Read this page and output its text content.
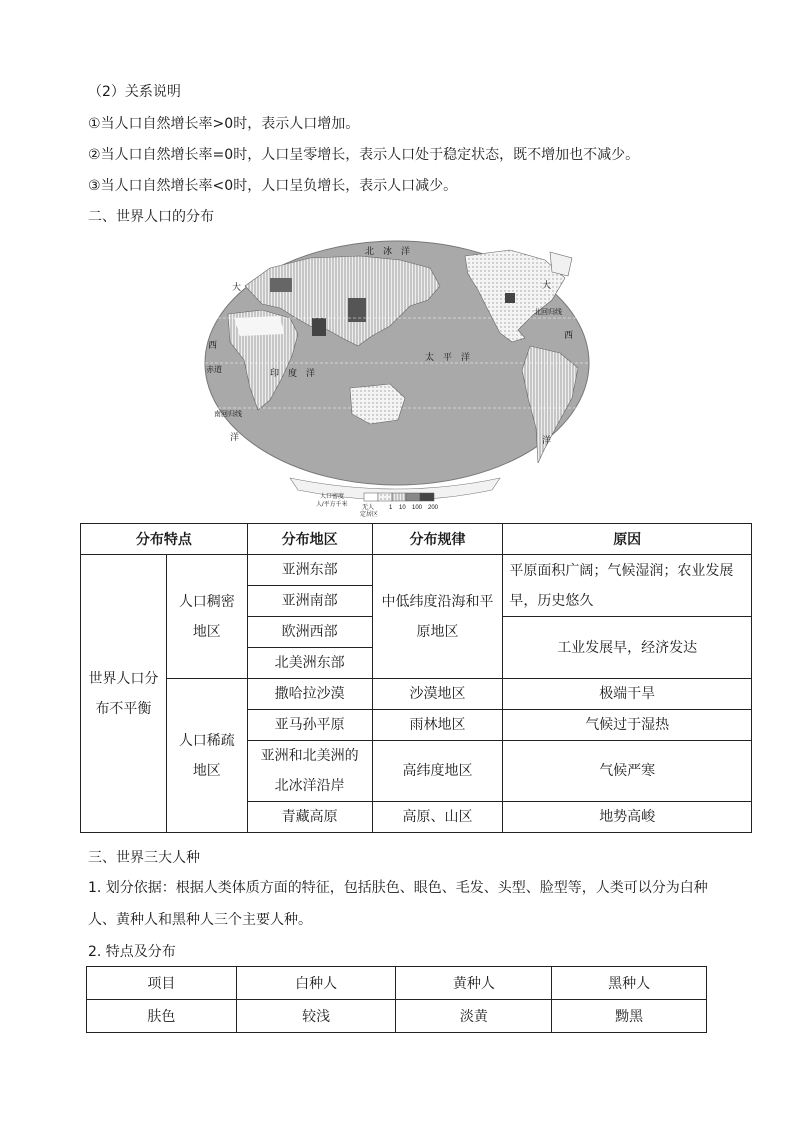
（2）关系说明
①当人口自然增长率>0时，表示人口增加。
②当人口自然增长率=0时，人口呈零增长，表示人口处于稳定状态，既不增加也不减少。
③当人口自然增长率<0时，人口呈负增长，表示人口减少。
二、世界人口的分布
北　冰　洋
大
西
洋
大
西
洋
赤道
北回归线
南回归线
印　度　洋
太　平　洋
人口密度
人/平方千米 无人
定居区
1 10 100 200
分布特点		分布地区	分布规律	原因
世界人口分布不平衡	人口稠密地区	亚洲东部	中低纬度沿海和平原地区	平原面积广阔；气候湿润；农业发展早，历史悠久
		亚洲南部		
		欧洲西部		工业发展早，经济发达
		北美洲东部		
	人口稀疏地区	撒哈拉沙漠	沙漠地区	极端干旱
		亚马孙平原	雨林地区	气候过于湿热
		亚洲和北美洲的北冰洋沿岸	高纬度地区	气候严寒
		青藏高原	高原、山区	地势高峻
三、世界三大人种
1. 划分依据：根据人类体质方面的特征，包括肤色、眼色、毛发、头型、脸型等，人类可以分为白种
人、黄种人和黑种人三个主要人种。
2. 特点及分布
项目	白种人	黄种人	黑种人
肤色	较浅	淡黄	黝黑
